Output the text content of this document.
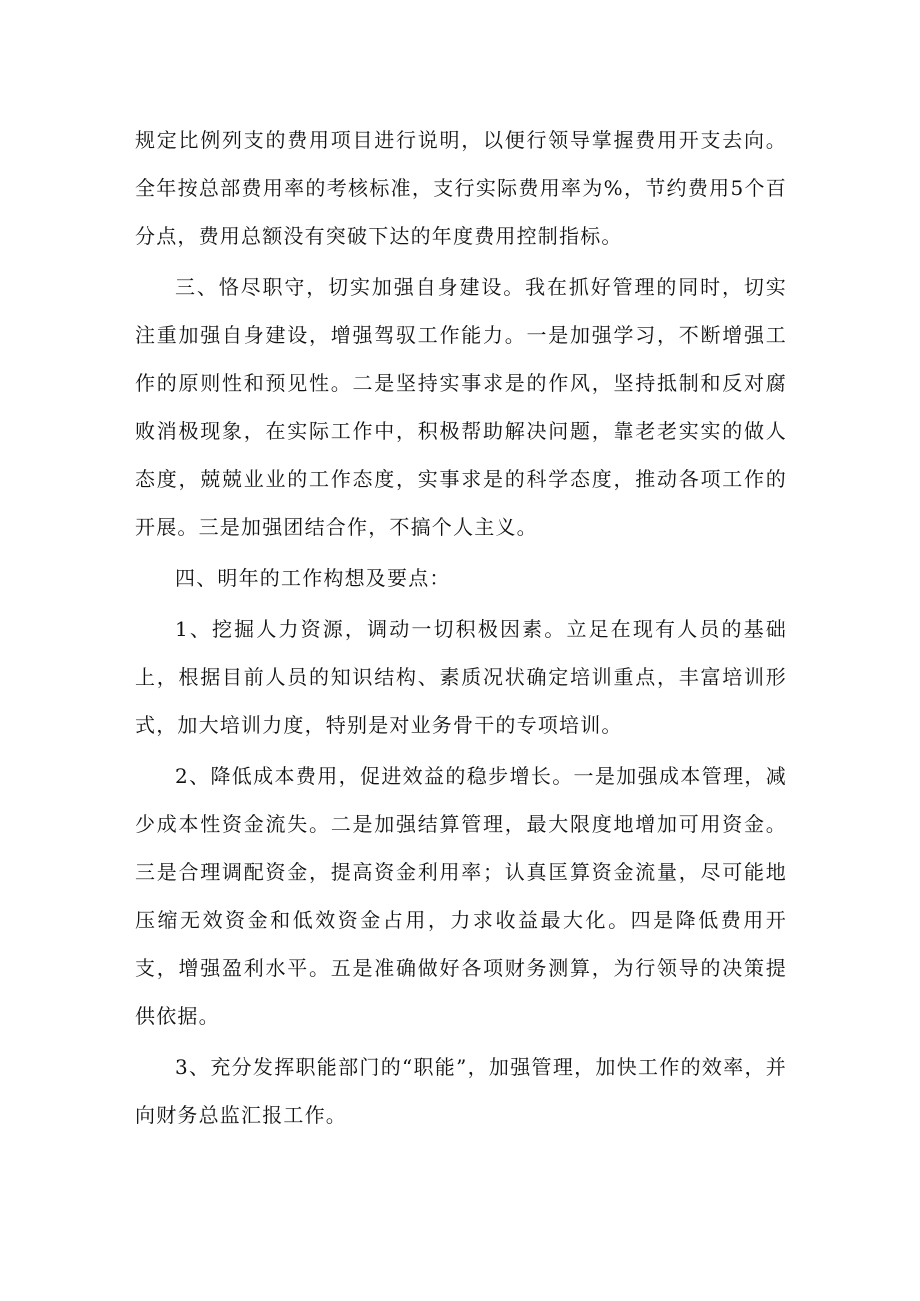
规定比例列支的费用项目进行说明，以便行领导掌握费用开支去向。全年按总部费用率的考核标准，支行实际费用率为%，节约费用5个百分点，费用总额没有突破下达的年度费用控制指标。

三、恪尽职守，切实加强自身建设。我在抓好管理的同时，切实注重加强自身建设，增强驾驭工作能力。一是加强学习，不断增强工作的原则性和预见性。二是坚持实事求是的作风，坚持抵制和反对腐败消极现象，在实际工作中，积极帮助解决问题，靠老老实实的做人态度，兢兢业业的工作态度，实事求是的科学态度，推动各项工作的开展。三是加强团结合作，不搞个人主义。

四、明年的工作构想及要点：

1、挖掘人力资源，调动一切积极因素。立足在现有人员的基础上，根据目前人员的知识结构、素质况状确定培训重点，丰富培训形式，加大培训力度，特别是对业务骨干的专项培训。

2、降低成本费用，促进效益的稳步增长。一是加强成本管理，减少成本性资金流失。二是加强结算管理，最大限度地增加可用资金。三是合理调配资金，提高资金利用率；认真匡算资金流量，尽可能地压缩无效资金和低效资金占用，力求收益最大化。四是降低费用开支，增强盈利水平。五是准确做好各项财务测算，为行领导的决策提供依据。

3、充分发挥职能部门的“职能”，加强管理，加快工作的效率，并向财务总监汇报工作。
